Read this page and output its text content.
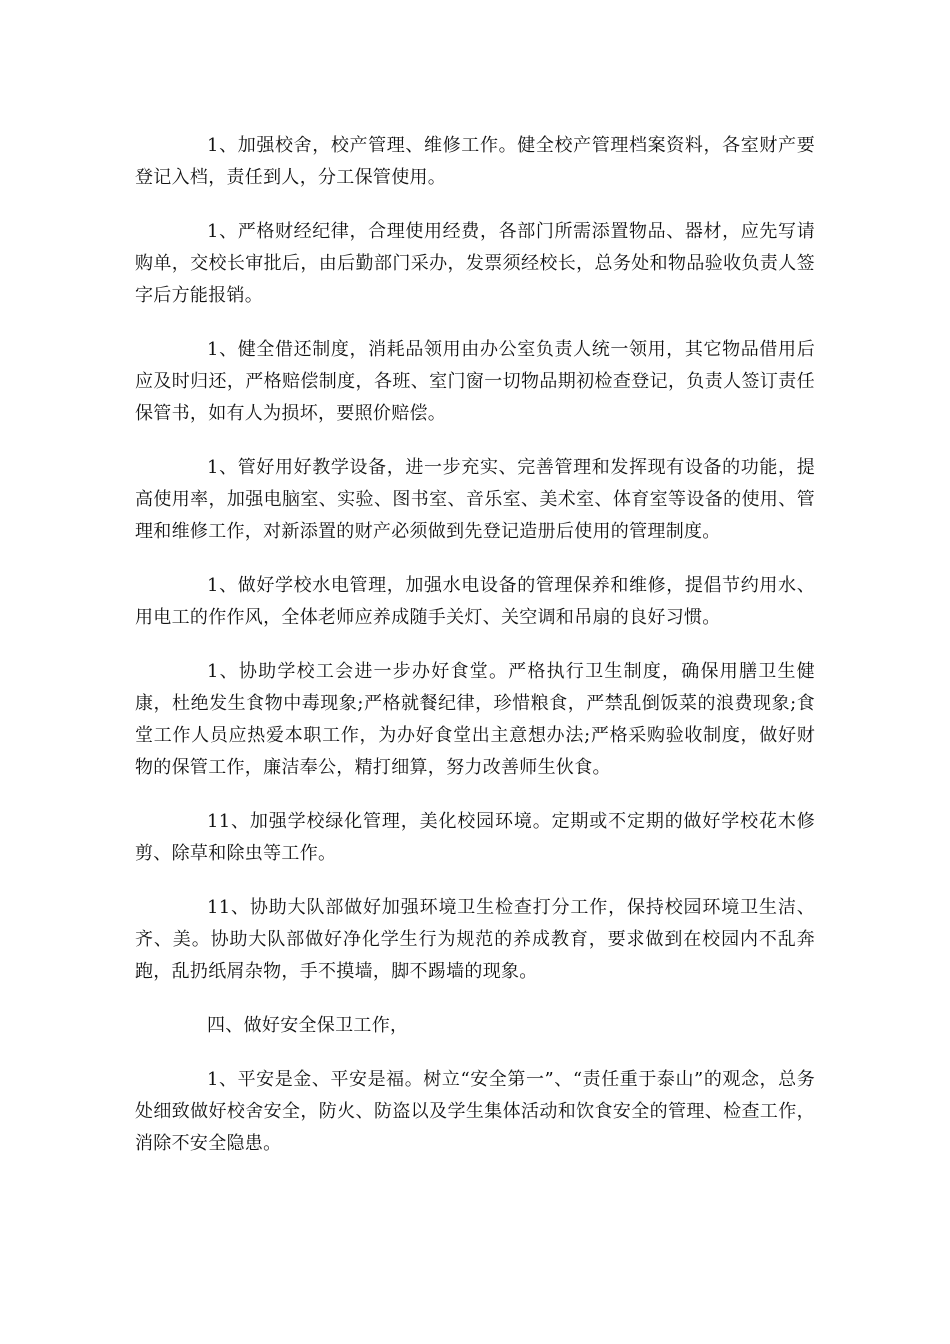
1、加强校舍，校产管理、维修工作。健全校产管理档案资料，各室财产要登记入档，责任到人，分工保管使用。

1、严格财经纪律，合理使用经费，各部门所需添置物品、器材，应先写请购单，交校长审批后，由后勤部门采办，发票须经校长，总务处和物品验收负责人签字后方能报销。

1、健全借还制度，消耗品领用由办公室负责人统一领用，其它物品借用后应及时归还，严格赔偿制度，各班、室门窗一切物品期初检查登记，负责人签订责任保管书，如有人为损坏，要照价赔偿。

1、管好用好教学设备，进一步充实、完善管理和发挥现有设备的功能，提高使用率，加强电脑室、实验、图书室、音乐室、美术室、体育室等设备的使用、管理和维修工作，对新添置的财产必须做到先登记造册后使用的管理制度。

1、做好学校水电管理，加强水电设备的管理保养和维修，提倡节约用水、用电工的作作风，全体老师应养成随手关灯、关空调和吊扇的良好习惯。

1、协助学校工会进一步办好食堂。严格执行卫生制度，确保用膳卫生健康，杜绝发生食物中毒现象;严格就餐纪律，珍惜粮食，严禁乱倒饭菜的浪费现象;食堂工作人员应热爱本职工作，为办好食堂出主意想办法;严格采购验收制度，做好财物的保管工作，廉洁奉公，精打细算，努力改善师生伙食。

11、加强学校绿化管理，美化校园环境。定期或不定期的做好学校花木修剪、除草和除虫等工作。

11、协助大队部做好加强环境卫生检查打分工作，保持校园环境卫生洁、齐、美。协助大队部做好净化学生行为规范的养成教育，要求做到在校园内不乱奔跑，乱扔纸屑杂物，手不摸墙，脚不踢墙的现象。

四、做好安全保卫工作，

1、平安是金、平安是福。树立“安全第一”、“责任重于泰山”的观念，总务处细致做好校舍安全，防火、防盗以及学生集体活动和饮食安全的管理、检查工作，消除不安全隐患。
